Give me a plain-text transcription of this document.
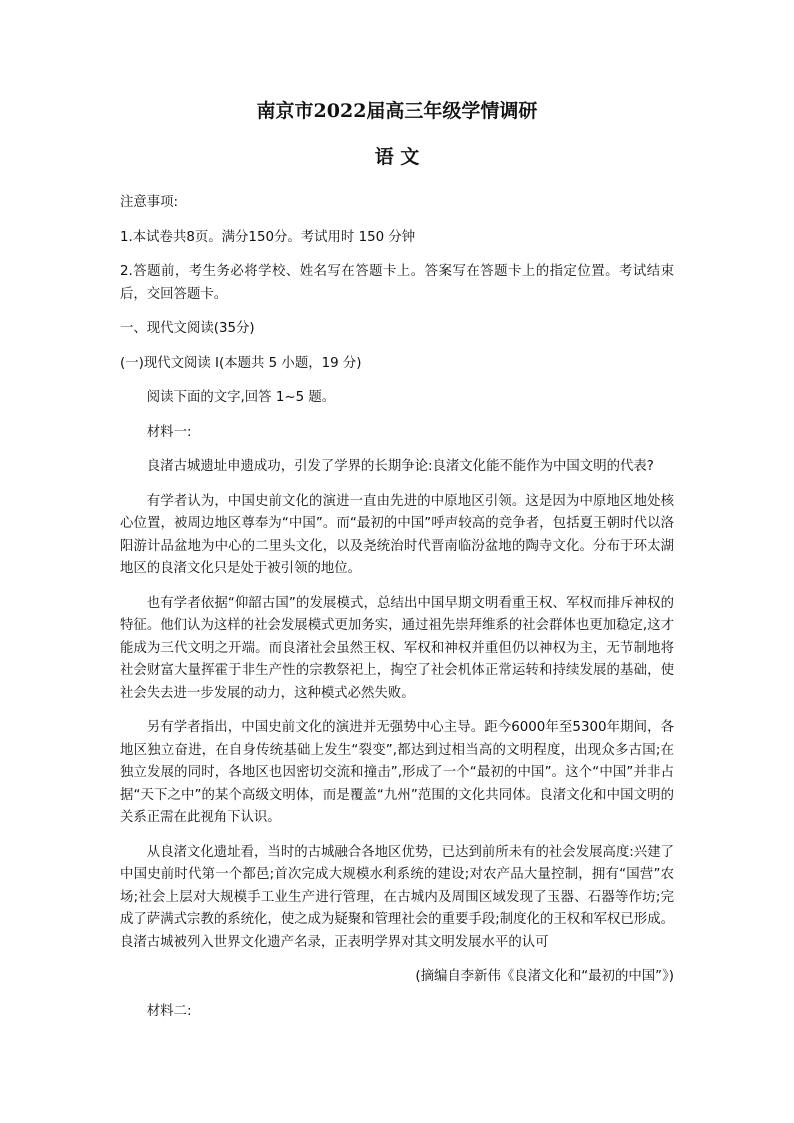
南京市2022届高三年级学情调研
语 文

注意事项:

1.本试卷共8页。满分150分。考试用时 150 分钟

2.答题前，考生务必将学校、姓名写在答题卡上。答案写在答题卡上的指定位置。考试结束后，交回答题卡。

一、现代文阅读(35分)

(一)现代文阅读 I(本题共 5 小题，19 分)

阅读下面的文字,回答 1~5 题。

材料一:

良渚古城遗址申遗成功，引发了学界的长期争论:良渚文化能不能作为中国文明的代表?

有学者认为，中国史前文化的演进一直由先进的中原地区引领。这是因为中原地区地处核心位置，被周边地区尊奉为“中国”。而“最初的中国”呼声较高的竞争者，包括夏王朝时代以洛阳游计品盆地为中心的二里头文化，以及尧统治时代晋南临汾盆地的陶寺文化。分布于环太湖地区的良渚文化只是处于被引领的地位。

也有学者依据“仰韶古国”的发展模式，总结出中国早期文明看重王权、军权而排斥神权的特征。他们认为这样的社会发展模式更加务实，通过祖先崇拜维系的社会群体也更加稳定,这才能成为三代文明之开端。而良渚社会虽然王权、军权和神权并重但仍以神权为主，无节制地将社会财富大量挥霍于非生产性的宗教祭祀上，掏空了社会机体正常运转和持续发展的基础，使社会失去进一步发展的动力，这种模式必然失败。

另有学者指出，中国史前文化的演进并无强势中心主导。距今6000年至5300年期间，各地区独立奋进，在自身传统基础上发生“裂变”,都达到过相当高的文明程度，出现众多古国;在独立发展的同时，各地区也因密切交流和撞击”,形成了一个“最初的中国”。这个“中国”并非占据“天下之中”的某个高级文明体，而是覆盖“九州”范围的文化共同体。良渚文化和中国文明的关系正需在此视角下认识。

从良渚文化遗址看，当时的古城融合各地区优势，已达到前所未有的社会发展高度:兴建了中国史前时代第一个都邑;首次完成大规模水利系统的建设;对农产品大量控制，拥有“国营”农场;社会上层对大规模手工业生产进行管理，在古城内及周围区域发现了玉器、石器等作坊;完成了萨满式宗教的系统化，使之成为疑聚和管理社会的重要手段;制度化的王权和军权已形成。良渚古城被列入世界文化遗产名录，正表明学界对其文明发展水平的认可

(摘编自李新伟《良渚文化和“最初的中国”》)

材料二:
